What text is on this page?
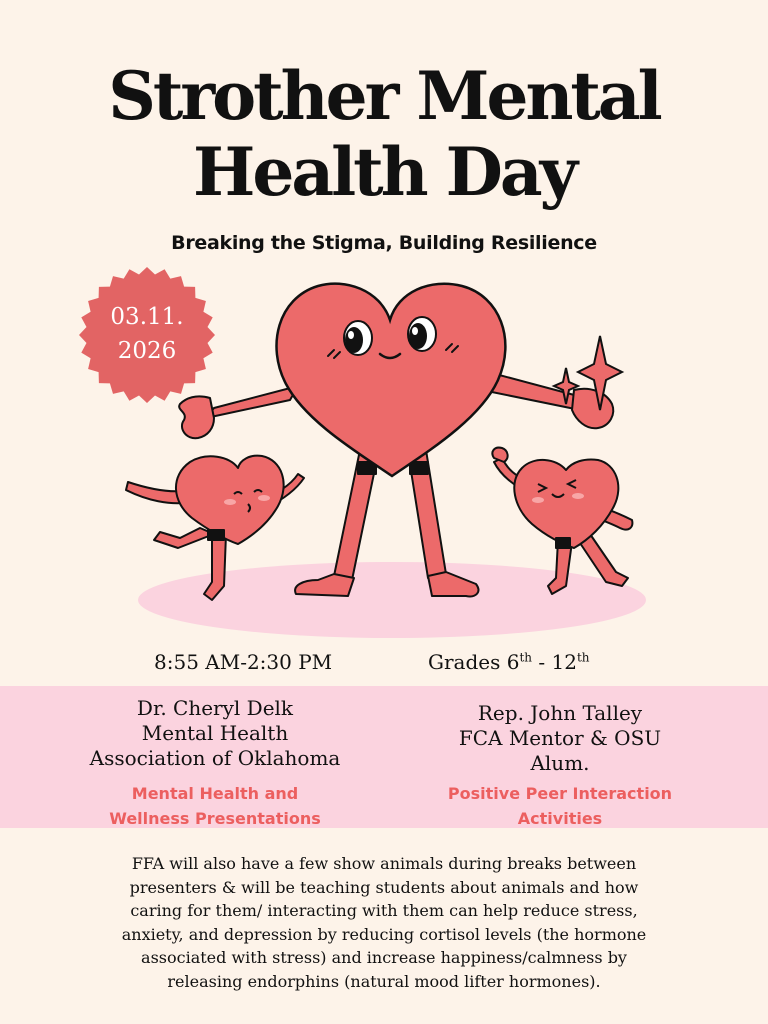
Strother Mental
Health Day
Breaking the Stigma, Building Resilience
03.11.
2026
8:55 AM-2:30 PM	Grades 6th - 12th
Dr. Cheryl Delk
Mental Health
Association of Oklahoma
Mental Health and
Wellness Presentations
Rep. John Talley
FCA Mentor & OSU
Alum.
Positive Peer Interaction
Activities
FFA will also have a few show animals during breaks between
presenters & will be teaching students about animals and how
caring for them/ interacting with them can help reduce stress,
anxiety, and depression by reducing cortisol levels (the hormone
associated with stress) and increase happiness/calmness by
releasing endorphins (natural mood lifter hormones).
